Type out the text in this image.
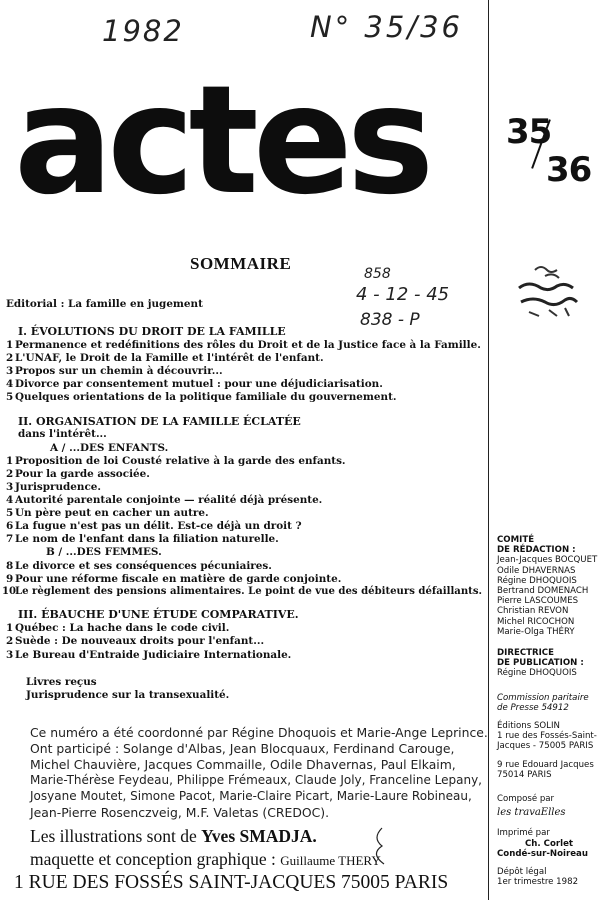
1982	N° 35/36
actes 35
36
SOMMAIRE
858
4 - 12 - 45
838 - P
Editorial : La famille en jugement
I. ÉVOLUTIONS DU DROIT DE LA FAMILLE
1 Permanence et redéfinitions des rôles du Droit et de la Justice face à la Famille.
2 L'UNAF, le Droit de la Famille et l'intérêt de l'enfant.
3 Propos sur un chemin à découvrir...
4 Divorce par consentement mutuel : pour une déjudiciarisation.
5 Quelques orientations de la politique familiale du gouvernement.
II. ORGANISATION DE LA FAMILLE ÉCLATÉE
dans l'intérêt...
A / ...DES ENFANTS.
1 Proposition de loi Cousté relative à la garde des enfants.
2 Pour la garde associée.
3 Jurisprudence.
4 Autorité parentale conjointe — réalité déjà présente.
5 Un père peut en cacher un autre.
6 La fugue n'est pas un délit. Est-ce déjà un droit ?
7 Le nom de l'enfant dans la filiation naturelle.
B / ...DES FEMMES.
8 Le divorce et ses conséquences pécuniaires.
9 Pour une réforme fiscale en matière de garde conjointe.
10Le règlement des pensions alimentaires. Le point de vue des débiteurs défaillants.
III. ÉBAUCHE D'UNE ÉTUDE COMPARATIVE.
1 Québec : La hache dans le code civil.
2 Suède : De nouveaux droits pour l'enfant...
3 Le Bureau d'Entraide Judiciaire Internationale.
Livres reçus
Jurisprudence sur la transexualité.
Ce numéro a été coordonné par Régine Dhoquois et Marie-Ange Leprince.
Ont participé : Solange d'Albas, Jean Blocquaux, Ferdinand Carouge,
Michel Chauvière, Jacques Commaille, Odile Dhavernas, Paul Elkaim,
Marie-Thérèse Feydeau, Philippe Frémeaux, Claude Joly, Franceline Lepany,
Josyane Moutet, Simone Pacot, Marie-Claire Picart, Marie-Laure Robineau,
Jean-Pierre Rosenczveig, M.F. Valetas (CREDOC).
Les illustrations sont de Yves SMADJA.
maquette et conception graphique : Guillaume THERY
1 RUE DES FOSSÉS SAINT-JACQUES 75005 PARIS
COMITÉ
DE RÉDACTION :
Jean-Jacques BOCQUET
Odile DHAVERNAS
Régine DHOQUOIS
Bertrand DOMENACH
Pierre LASCOUMES
Christian REVON
Michel RICOCHON
Marie-Olga THÉRY
DIRECTRICE
DE PUBLICATION :
Régine DHOQUOIS
Commission paritaire
de Presse 54912
Éditions SOLIN
1 rue des Fossés-Saint-
Jacques - 75005 PARIS
9 rue Edouard Jacques
75014 PARIS
Composé par
les travaElles
Imprimé par
Ch. Corlet
Condé-sur-Noireau
Dépôt légal
1er trimestre 1982
